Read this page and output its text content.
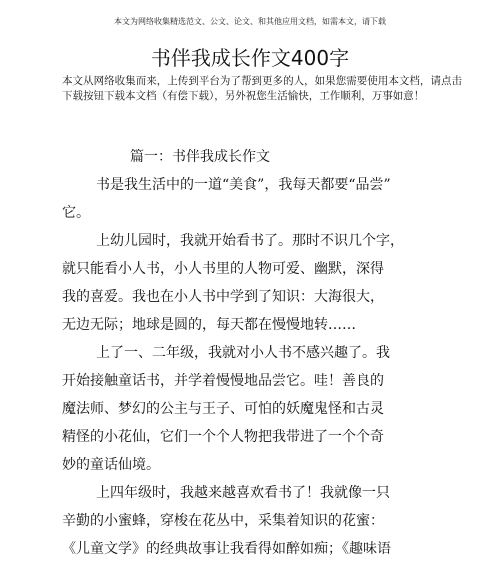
本文为网络收集精选范文、公文、论文、和其他应用文档，如需本文，请下载
书伴我成长作文400字
本文从网络收集而来，上传到平台为了帮到更多的人，如果您需要使用本文档，请点击下载按钮下载本文档（有偿下载），另外祝您生活愉快，工作顺利，万事如意！
篇一：书伴我成长作文
书是我生活中的一道“美食”，我每天都要“品尝”
它。
上幼儿园时，我就开始看书了。那时不识几个字，
就只能看小人书，小人书里的人物可爱、幽默，深得
我的喜爱。我也在小人书中学到了知识：大海很大，
无边无际；地球是圆的，每天都在慢慢地转……
上了一、二年级，我就对小人书不感兴趣了。我
开始接触童话书，并学着慢慢地品尝它。哇！善良的
魔法师、梦幻的公主与王子、可怕的妖魔鬼怪和古灵
精怪的小花仙，它们一个个人物把我带进了一个个奇
妙的童话仙境。
上四年级时，我越来越喜欢看书了！我就像一只
辛勤的小蜜蜂，穿梭在花丛中，采集着知识的花蜜：
《儿童文学》的经典故事让我看得如醉如痴；《趣味语
